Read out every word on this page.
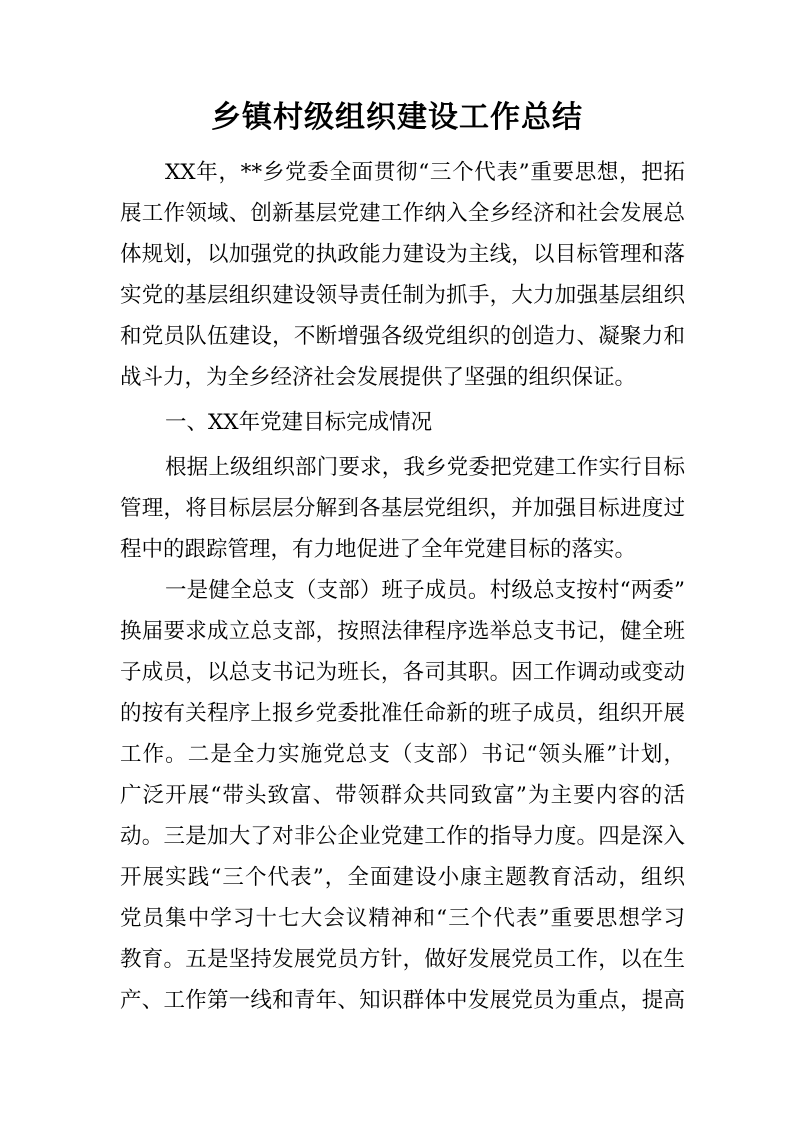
乡镇村级组织建设工作总结

XX年，**乡党委全面贯彻“三个代表”重要思想，把拓

展工作领域、创新基层党建工作纳入全乡经济和社会发展总

体规划，以加强党的执政能力建设为主线，以目标管理和落

实党的基层组织建设领导责任制为抓手，大力加强基层组织

和党员队伍建设，不断增强各级党组织的创造力、凝聚力和

战斗力，为全乡经济社会发展提供了坚强的组织保证。

一、XX年党建目标完成情况

根据上级组织部门要求，我乡党委把党建工作实行目标

管理，将目标层层分解到各基层党组织，并加强目标进度过

程中的跟踪管理，有力地促进了全年党建目标的落实。

一是健全总支（支部）班子成员。村级总支按村“两委”

换届要求成立总支部，按照法律程序选举总支书记，健全班

子成员，以总支书记为班长，各司其职。因工作调动或变动

的按有关程序上报乡党委批准任命新的班子成员，组织开展

工作。二是全力实施党总支（支部）书记“领头雁”计划，

广泛开展“带头致富、带领群众共同致富”为主要内容的活

动。三是加大了对非公企业党建工作的指导力度。四是深入

开展实践“三个代表”，全面建设小康主题教育活动，组织

党员集中学习十七大会议精神和“三个代表”重要思想学习

教育。五是坚持发展党员方针，做好发展党员工作，以在生

产、工作第一线和青年、知识群体中发展党员为重点，提高
